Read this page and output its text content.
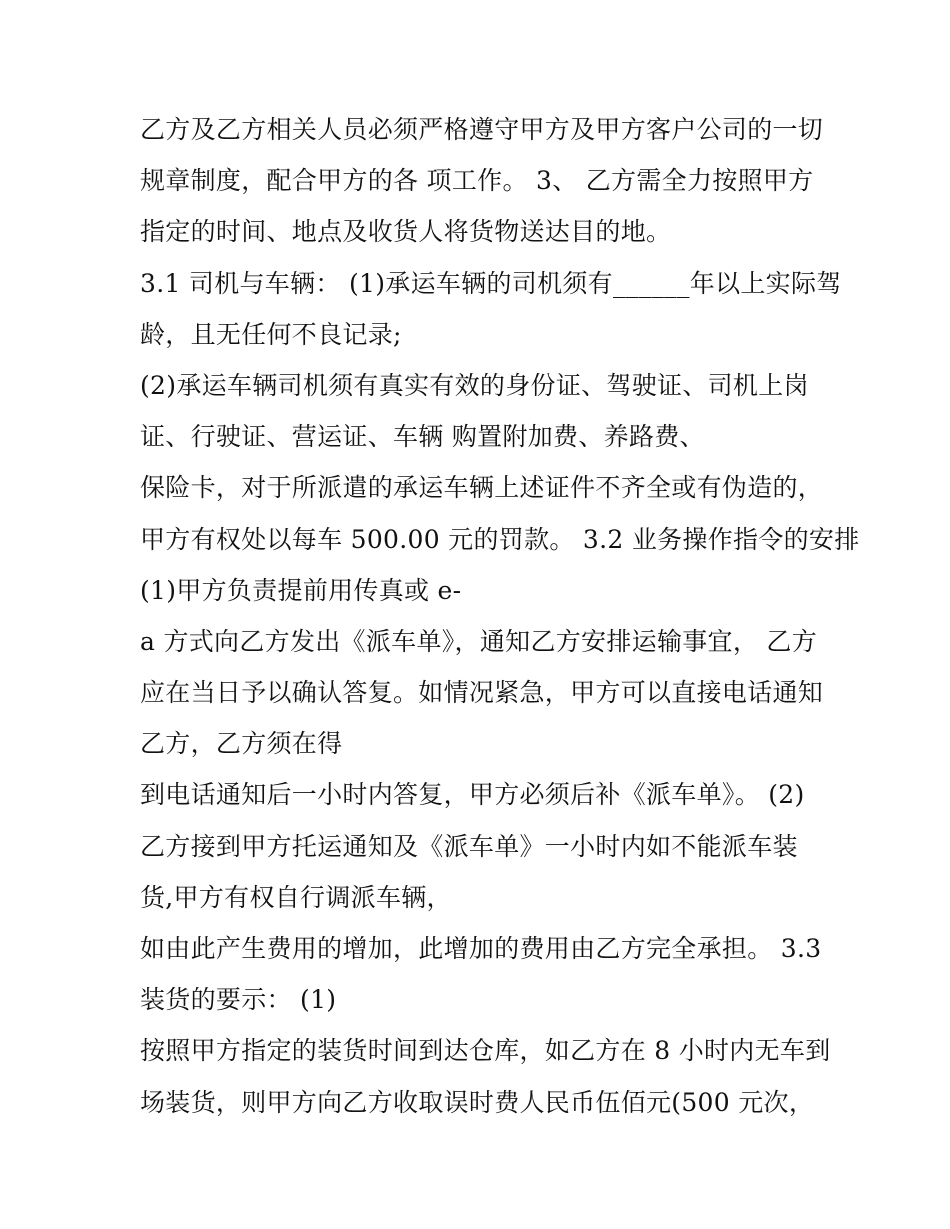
乙方及乙方相关人员必须严格遵守甲方及甲方客户公司的一切
规章制度，配合甲方的各 项工作。 3、 乙方需全力按照甲方
指定的时间、地点及收货人将货物送达目的地。
3.1 司机与车辆： (1)承运车辆的司机须有______年以上实际驾
龄，且无任何不良记录;
(2)承运车辆司机须有真实有效的身份证、驾驶证、司机上岗
证、行驶证、营运证、车辆 购置附加费、养路费、
保险卡，对于所派遣的承运车辆上述证件不齐全或有伪造的，
甲方有权处以每车 500.00 元的罚款。 3.2 业务操作指令的安排
(1)甲方负责提前用传真或 e-
a 方式向乙方发出《派车单》，通知乙方安排运输事宜， 乙方
应在当日予以确认答复。如情况紧急，甲方可以直接电话通知
乙方，乙方须在得
到电话通知后一小时内答复，甲方必须后补《派车单》。 (2)
乙方接到甲方托运通知及《派车单》一小时内如不能派车装
货,甲方有权自行调派车辆，
如由此产生费用的增加，此增加的费用由乙方完全承担。 3.3
装货的要示： (1)
按照甲方指定的装货时间到达仓库，如乙方在 8 小时内无车到
场装货，则甲方向乙方收取误时费人民币伍佰元(500 元次，
